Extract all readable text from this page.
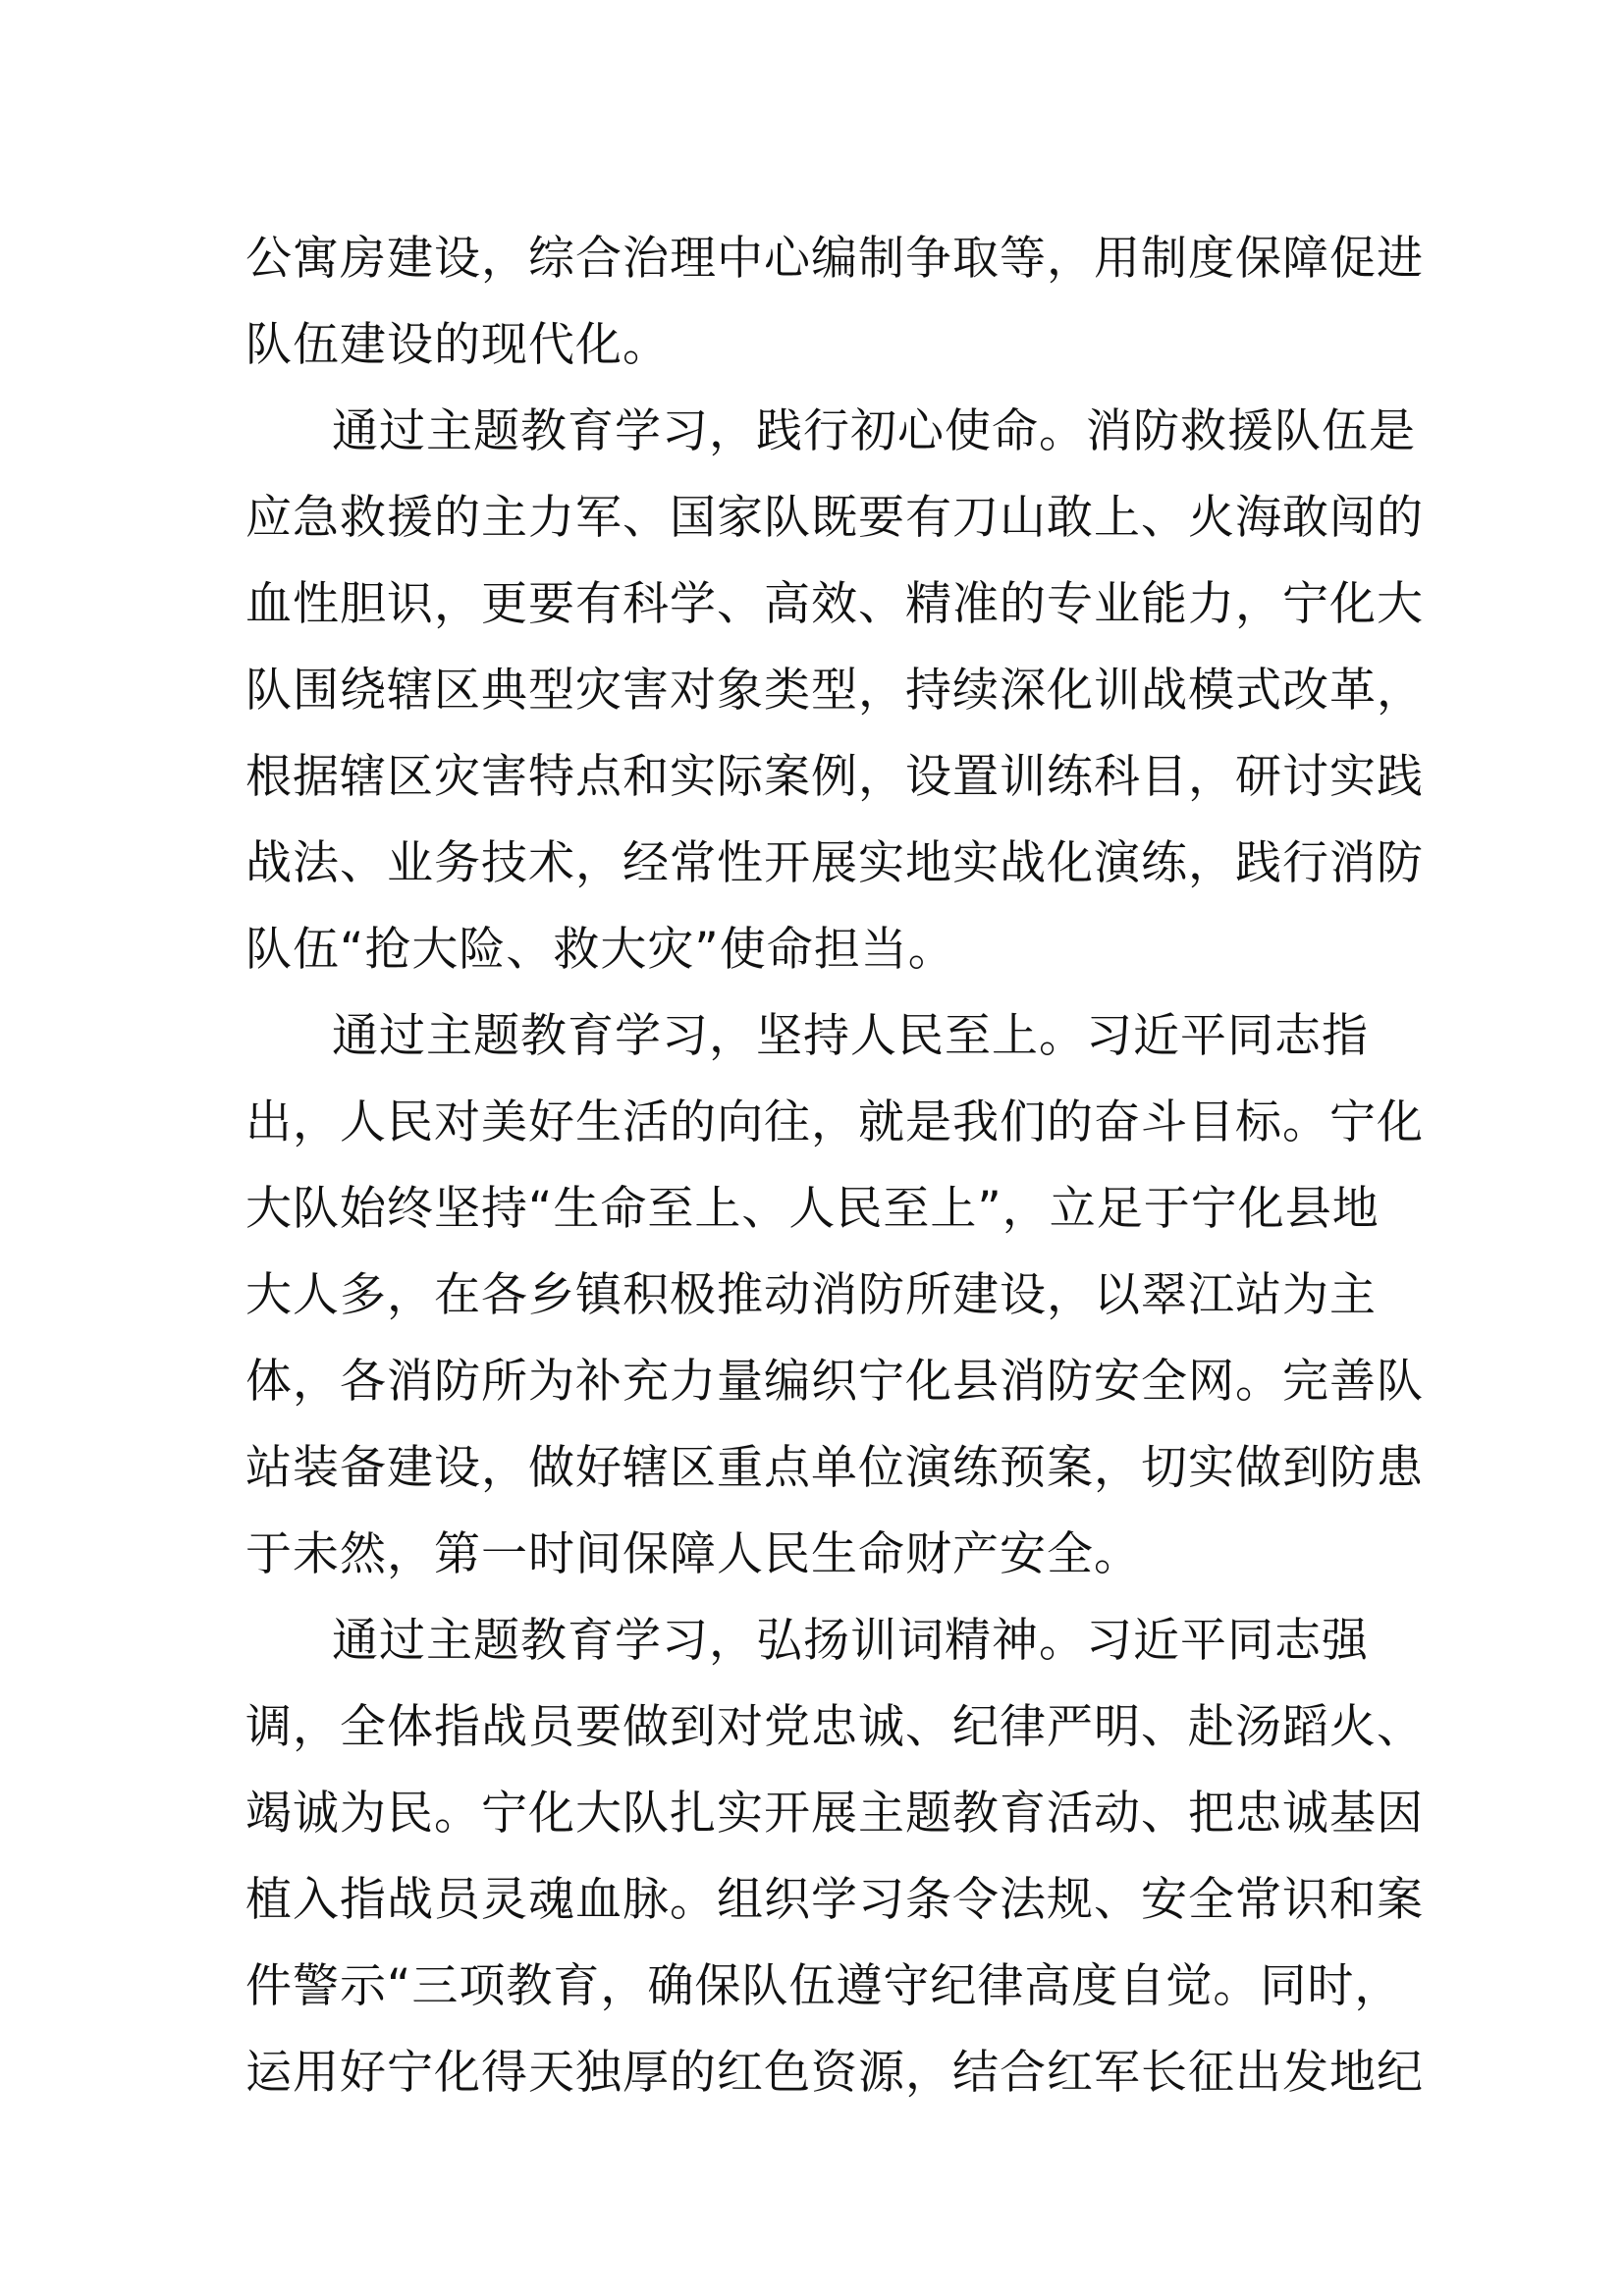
公寓房建设，综合治理中心编制争取等，用制度保障促进
队伍建设的现代化。
通过主题教育学习，践行初心使命。消防救援队伍是
应急救援的主力军、国家队既要有刀山敢上、火海敢闯的
血性胆识，更要有科学、高效、精准的专业能力，宁化大
队围绕辖区典型灾害对象类型，持续深化训战模式改革，
根据辖区灾害特点和实际案例，设置训练科目，研讨实践
战法、业务技术，经常性开展实地实战化演练，践行消防
队伍“抢大险、救大灾”使命担当。
通过主题教育学习，坚持人民至上。习近平同志指
出，人民对美好生活的向往，就是我们的奋斗目标。宁化
大队始终坚持“生命至上、人民至上”，立足于宁化县地
大人多，在各乡镇积极推动消防所建设，以翠江站为主
体，各消防所为补充力量编织宁化县消防安全网。完善队
站装备建设，做好辖区重点单位演练预案，切实做到防患
于未然，第一时间保障人民生命财产安全。
通过主题教育学习，弘扬训词精神。习近平同志强
调，全体指战员要做到对党忠诚、纪律严明、赴汤蹈火、
竭诚为民。宁化大队扎实开展主题教育活动、把忠诚基因
植入指战员灵魂血脉。组织学习条令法规、安全常识和案
件警示“三项教育，确保队伍遵守纪律高度自觉。同时，
运用好宁化得天独厚的红色资源，结合红军长征出发地纪
